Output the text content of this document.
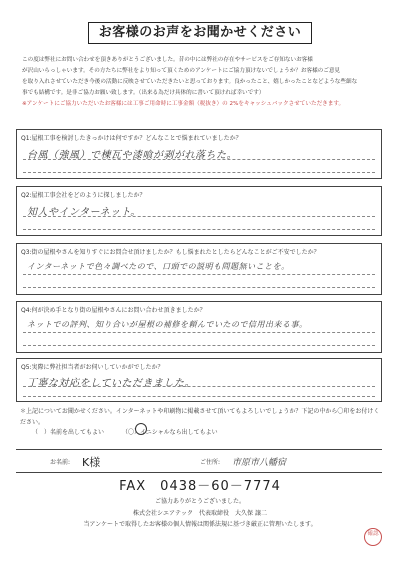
お客様のお声をお聞かせください

この度は弊社にお問い合わせを頂きありがとうございました。昔の中には弊社の存在やサービスをご存知ないお客様

が沢山いらっしゃいます。その方たちに弊社をより知って頂くためのアンケートにご協力頂けないでしょうか？お客様のご意見

を取り入れさせていただき今後の活動に反映させていただきたいと思っております。良かったこと、嬉しかったことなどような些細な

事でも結構です。是非ご協力お願い致します。（出来る為だけ具体的に書いて頂ければ幸いです）

※アンケートにご協力いただいたお客様には工事ご用命時に工事金額（税抜き）の 2%をキャッシュバックさせていただきます。

Q1:屋根工事を検討したきっかけは何ですか？どんなことで悩まれていましたか？
台風（強風）で棟瓦や漆喰が剥がれ落ちた。
Q2:屋根工事会社をどのように探しましたか？
知人やインターネット。
Q3:街の屋根やさんを知りすぐにお問合せ頂けましたか？もし悩まれたとしたらどんなことがご不安でしたか？
インターネットで色々調べたので、口頭での説明も問題無いことを。
Q4:何が決め手となり街の屋根やさんにお問い合わせ頂きましたか？
ネットでの評判、知り合いが屋根の補修を頼んでいたので信用出来る事。
Q5:実際に弊社担当者がお伺いしていかがでしたか？
丁寧な対応をしていただきました。
＊上記についてお聞かせください。インターネットや印刷物に掲載させて頂いてもよろしいでしょうか？下記の中から〇印をお付けください。
（　）名前を出してもよい	（〇）イニシャルなら出してもよい
お名前: K様	ご住所: 市原市八幡宿
FAX　0438－60－7774
ご協力ありがとうございました。
株式会社シエアテック　代表取締役　大久保 譲二
当アンケートで取得したお客様の個人情報は関係法規に基づき厳正に管理いたします。
確認
